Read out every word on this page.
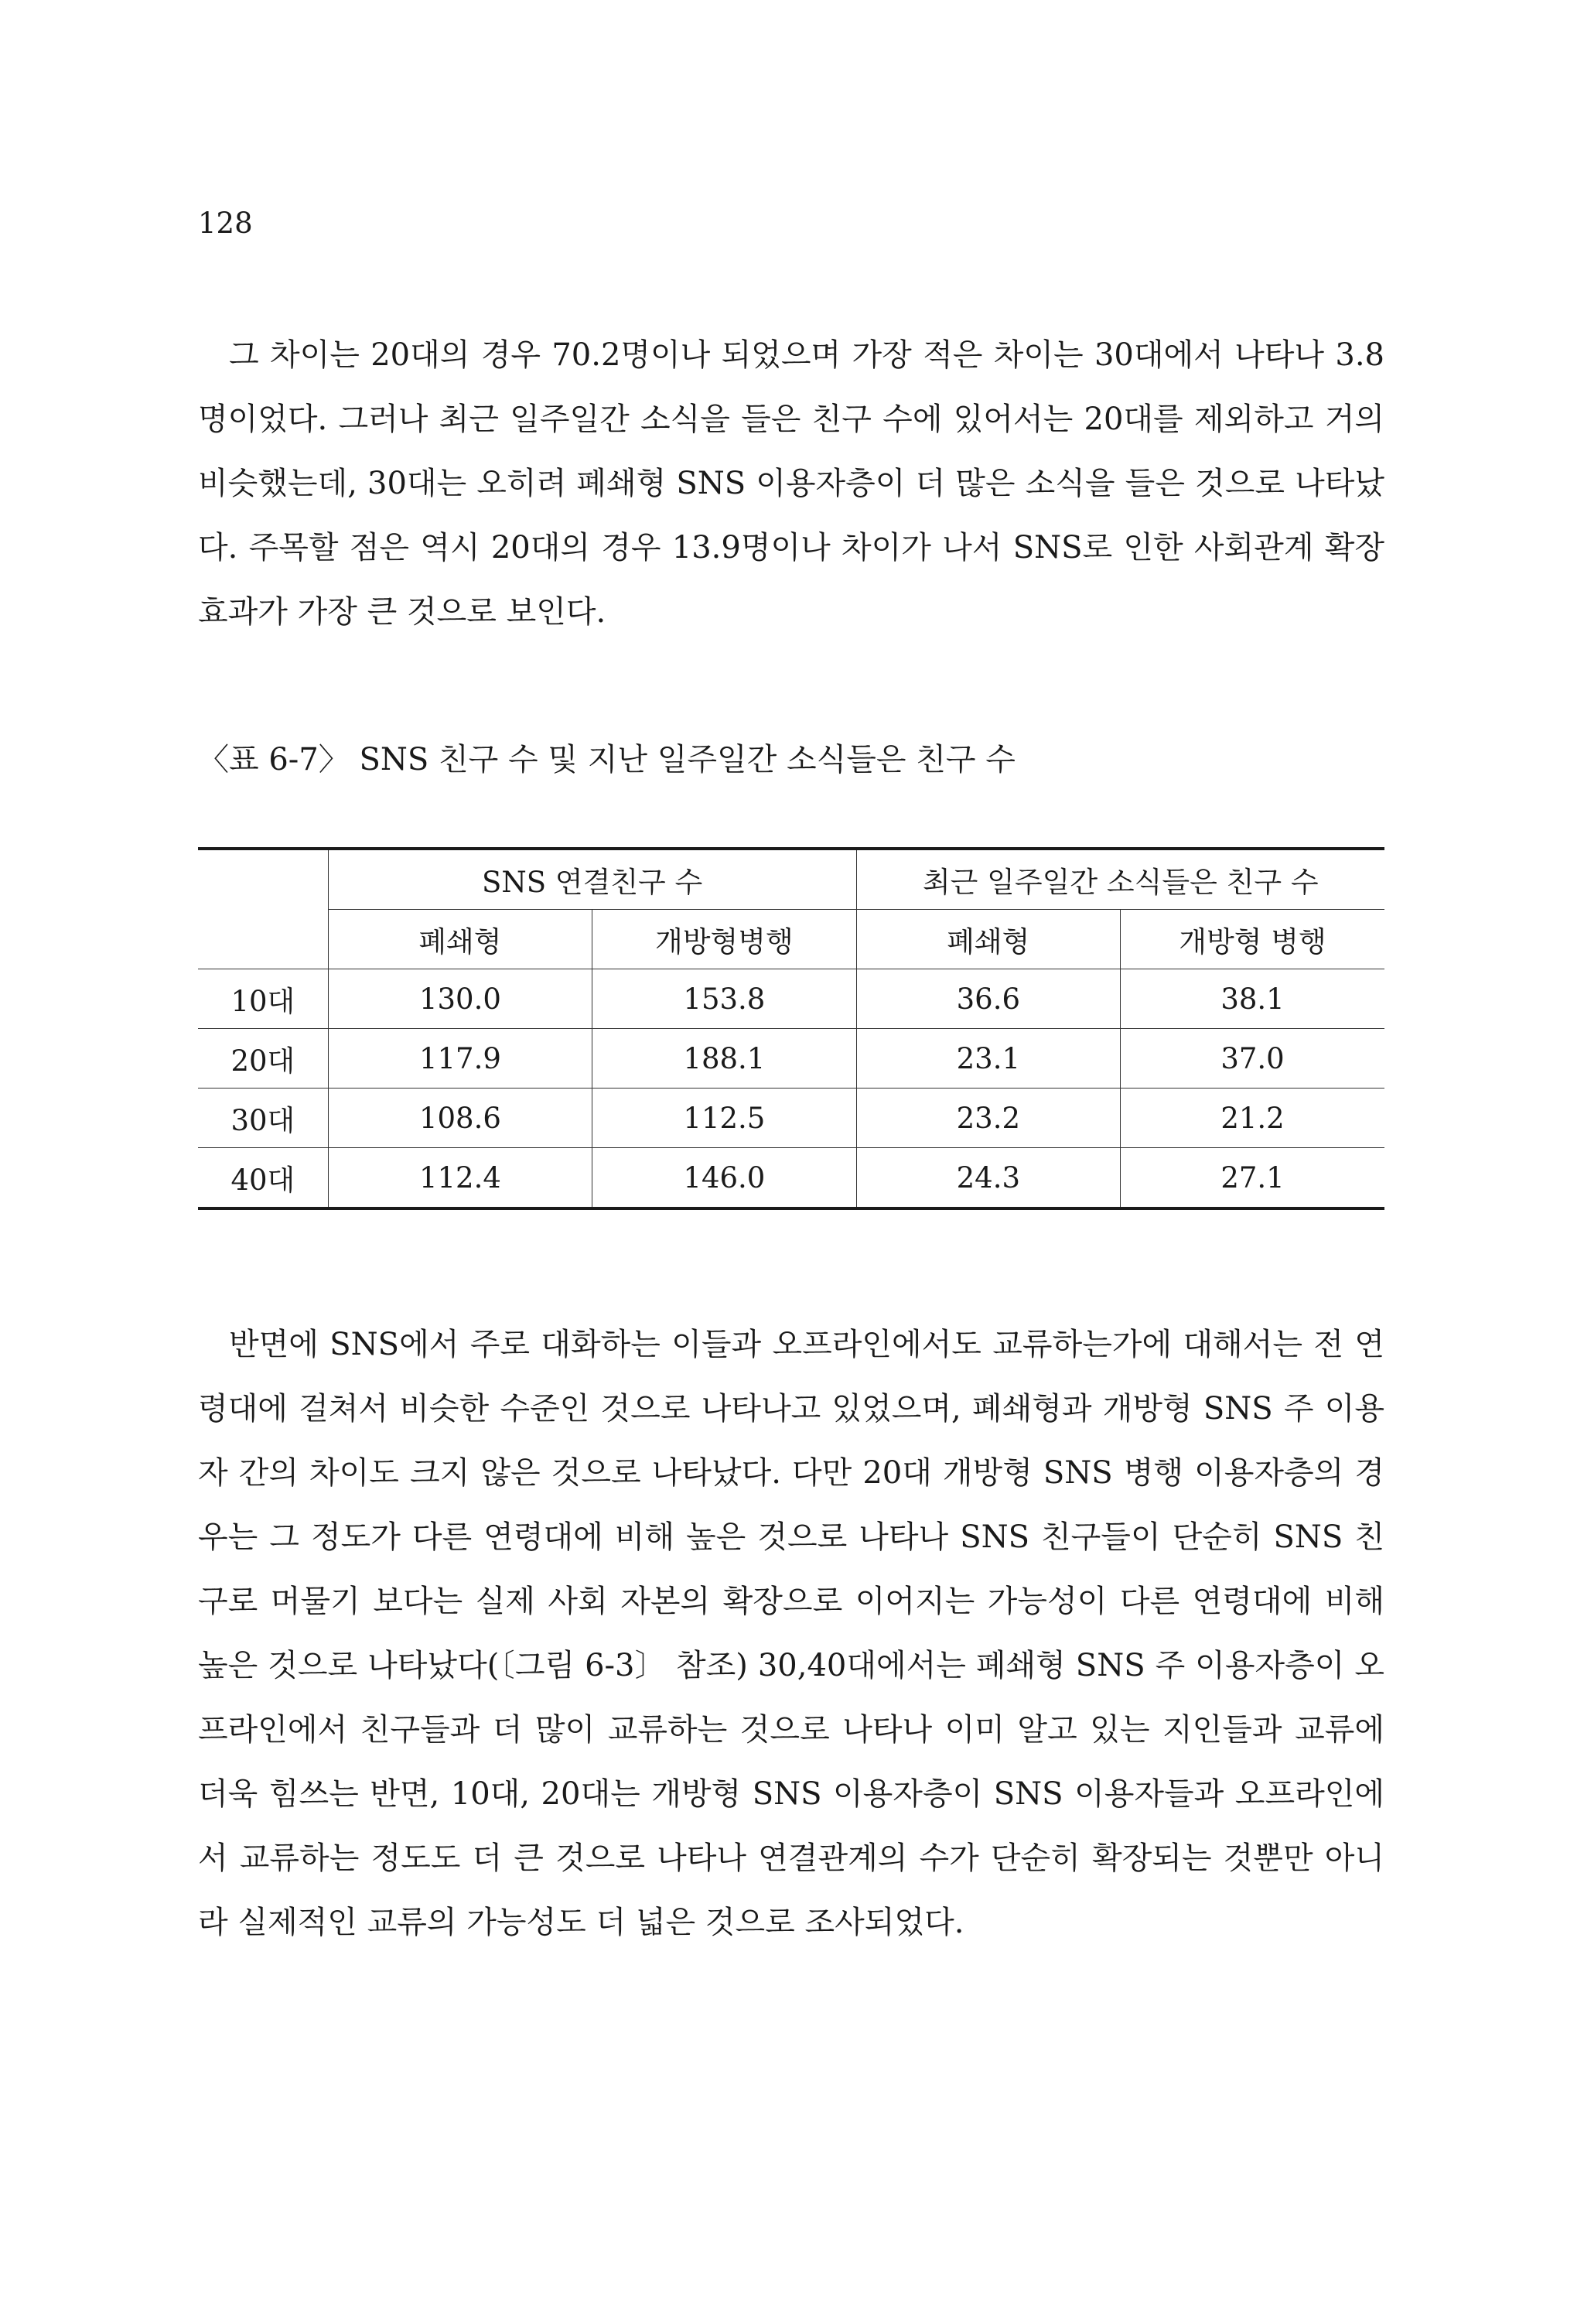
128

그 차이는 20대의 경우 70.2명이나 되었으며 가장 적은 차이는 30대에서 나타나 3.8명이었다. 그러나 최근 일주일간 소식을 들은 친구 수에 있어서는 20대를 제외하고 거의 비슷했는데, 30대는 오히려 폐쇄형 SNS 이용자층이 더 많은 소식을 들은 것으로 나타났다. 주목할 점은 역시 20대의 경우 13.9명이나 차이가 나서 SNS로 인한 사회관계 확장 효과가 가장 큰 것으로 보인다.

〈표 6-7〉 SNS 친구 수 및 지난 일주일간 소식들은 친구 수

	SNS 연결친구 수		최근 일주일간 소식들은 친구 수	
	폐쇄형	개방형병행	폐쇄형	개방형 병행
10대	130.0	153.8	36.6	38.1
20대	117.9	188.1	23.1	37.0
30대	108.6	112.5	23.2	21.2
40대	112.4	146.0	24.3	27.1

반면에 SNS에서 주로 대화하는 이들과 오프라인에서도 교류하는가에 대해서는 전 연령대에 걸쳐서 비슷한 수준인 것으로 나타나고 있었으며, 폐쇄형과 개방형 SNS 주 이용자 간의 차이도 크지 않은 것으로 나타났다. 다만 20대 개방형 SNS 병행 이용자층의 경우는 그 정도가 다른 연령대에 비해 높은 것으로 나타나 SNS 친구들이 단순히 SNS 친구로 머물기 보다는 실제 사회 자본의 확장으로 이어지는 가능성이 다른 연령대에 비해 높은 것으로 나타났다(〔그림 6-3〕 참조) 30,40대에서는 폐쇄형 SNS 주 이용자층이 오프라인에서 친구들과 더 많이 교류하는 것으로 나타나 이미 알고 있는 지인들과 교류에 더욱 힘쓰는 반면, 10대, 20대는 개방형 SNS 이용자층이 SNS 이용자들과 오프라인에서 교류하는 정도도 더 큰 것으로 나타나 연결관계의 수가 단순히 확장되는 것뿐만 아니라 실제적인 교류의 가능성도 더 넓은 것으로 조사되었다.
